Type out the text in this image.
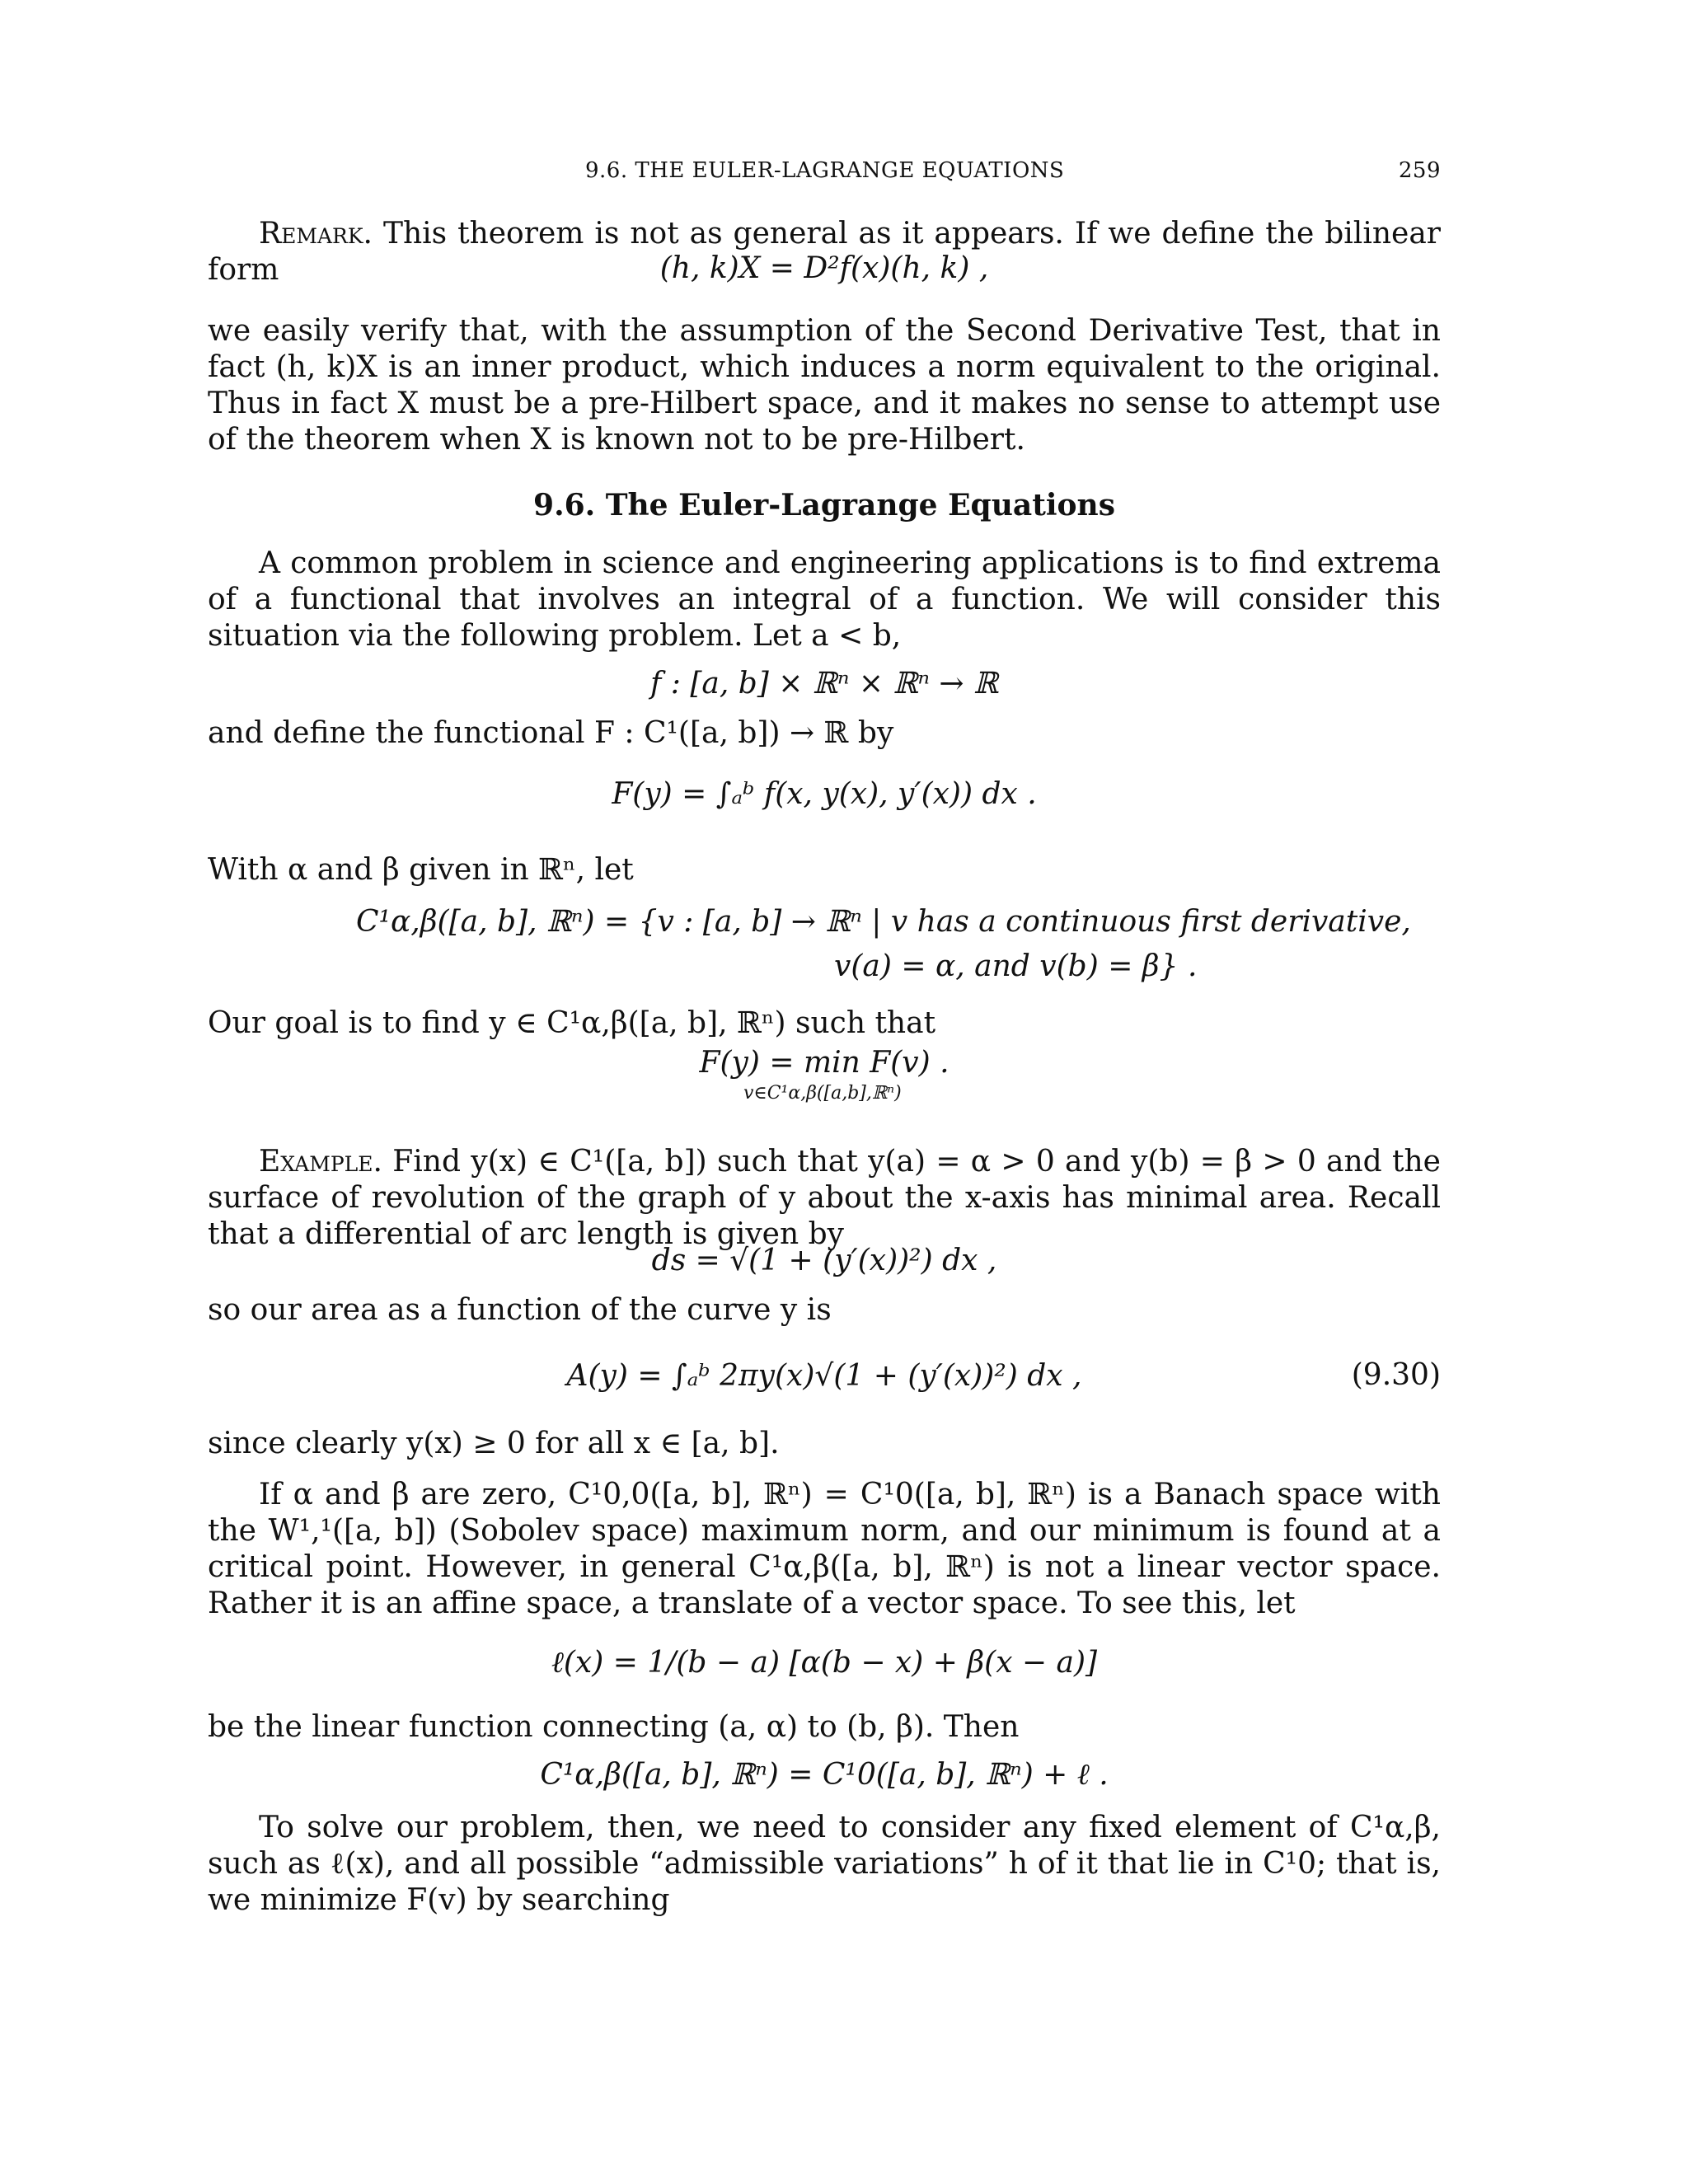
9.6. THE EULER-LAGRANGE EQUATIONS	259
Remark. This theorem is not as general as it appears. If we define the bilinear form	(h, k)X = D²f(x)(h, k) ,
we easily verify that, with the assumption of the Second Derivative Test, that in fact (h, k)X is an inner product, which induces a norm equivalent to the original. Thus in fact X must be a pre-Hilbert space, and it makes no sense to attempt use of the theorem when X is known not to be pre-Hilbert.
9.6. The Euler-Lagrange Equations
A common problem in science and engineering applications is to find extrema of a functional that involves an integral of a function. We will consider this situation via the following problem. Let a < b,
f : [a, b] × ℝⁿ × ℝⁿ → ℝ
and define the functional F : C¹([a, b]) → ℝ by
F(y) = ∫ₐᵇ f(x, y(x), y′(x)) dx .
With α and β given in ℝⁿ, let
C¹α,β([a, b], ℝⁿ) = {v : [a, b] → ℝⁿ | v has a continuous first derivative,
v(a) = α, and v(b) = β} .
Our goal is to find y ∈ C¹α,β([a, b], ℝⁿ) such that
F(y) = min F(v) .
v∈C¹α,β([a,b],ℝⁿ)
Example. Find y(x) ∈ C¹([a, b]) such that y(a) = α > 0 and y(b) = β > 0 and the surface of revolution of the graph of y about the x-axis has minimal area. Recall that a differential of arc length is given by
ds = √(1 + (y′(x))²) dx ,
so our area as a function of the curve y is
A(y) = ∫ₐᵇ 2πy(x)√(1 + (y′(x))²) dx ,	(9.30)
since clearly y(x) ≥ 0 for all x ∈ [a, b].
If α and β are zero, C¹0,0([a, b], ℝⁿ) = C¹0([a, b], ℝⁿ) is a Banach space with the W¹,¹([a, b]) (Sobolev space) maximum norm, and our minimum is found at a critical point. However, in general C¹α,β([a, b], ℝⁿ) is not a linear vector space. Rather it is an affine space, a translate of a vector space. To see this, let
ℓ(x) = 1/(b − a) [α(b − x) + β(x − a)]
be the linear function connecting (a, α) to (b, β). Then
C¹α,β([a, b], ℝⁿ) = C¹0([a, b], ℝⁿ) + ℓ .
To solve our problem, then, we need to consider any fixed element of C¹α,β, such as ℓ(x), and all possible “admissible variations” h of it that lie in C¹0; that is, we minimize F(v) by searching
